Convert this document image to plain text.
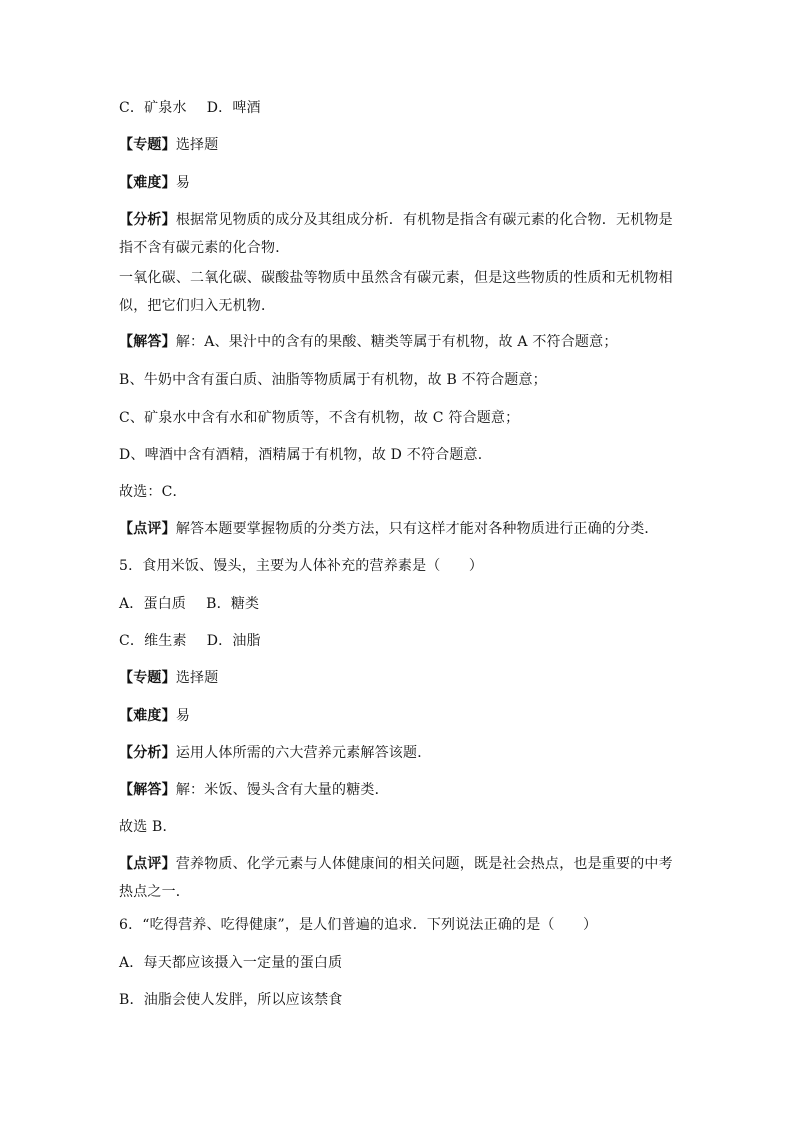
C．矿泉水 D．啤酒
【专题】选择题
【难度】易
【分析】根据常见物质的成分及其组成分析．有机物是指含有碳元素的化合物．无机物是指不含有碳元素的化合物．
一氧化碳、二氧化碳、碳酸盐等物质中虽然含有碳元素，但是这些物质的性质和无机物相似，把它们归入无机物．
【解答】解：A、果汁中的含有的果酸、糖类等属于有机物，故 A 不符合题意；
B、牛奶中含有蛋白质、油脂等物质属于有机物，故 B 不符合题意；
C、矿泉水中含有水和矿物质等，不含有机物，故 C 符合题意；
D、啤酒中含有酒精，酒精属于有机物，故 D 不符合题意．
故选：C．
【点评】解答本题要掌握物质的分类方法，只有这样才能对各种物质进行正确的分类．
5．食用米饭、馒头，主要为人体补充的营养素是（　　）
A．蛋白质 B．糖类
C．维生素 D．油脂
【专题】选择题
【难度】易
【分析】运用人体所需的六大营养元素解答该题．
【解答】解：米饭、馒头含有大量的糖类．
故选 B．
【点评】营养物质、化学元素与人体健康间的相关问题，既是社会热点，也是重要的中考热点之一．
6．“吃得营养、吃得健康”，是人们普遍的追求．下列说法正确的是（　　）
A．每天都应该摄入一定量的蛋白质
B．油脂会使人发胖，所以应该禁食
